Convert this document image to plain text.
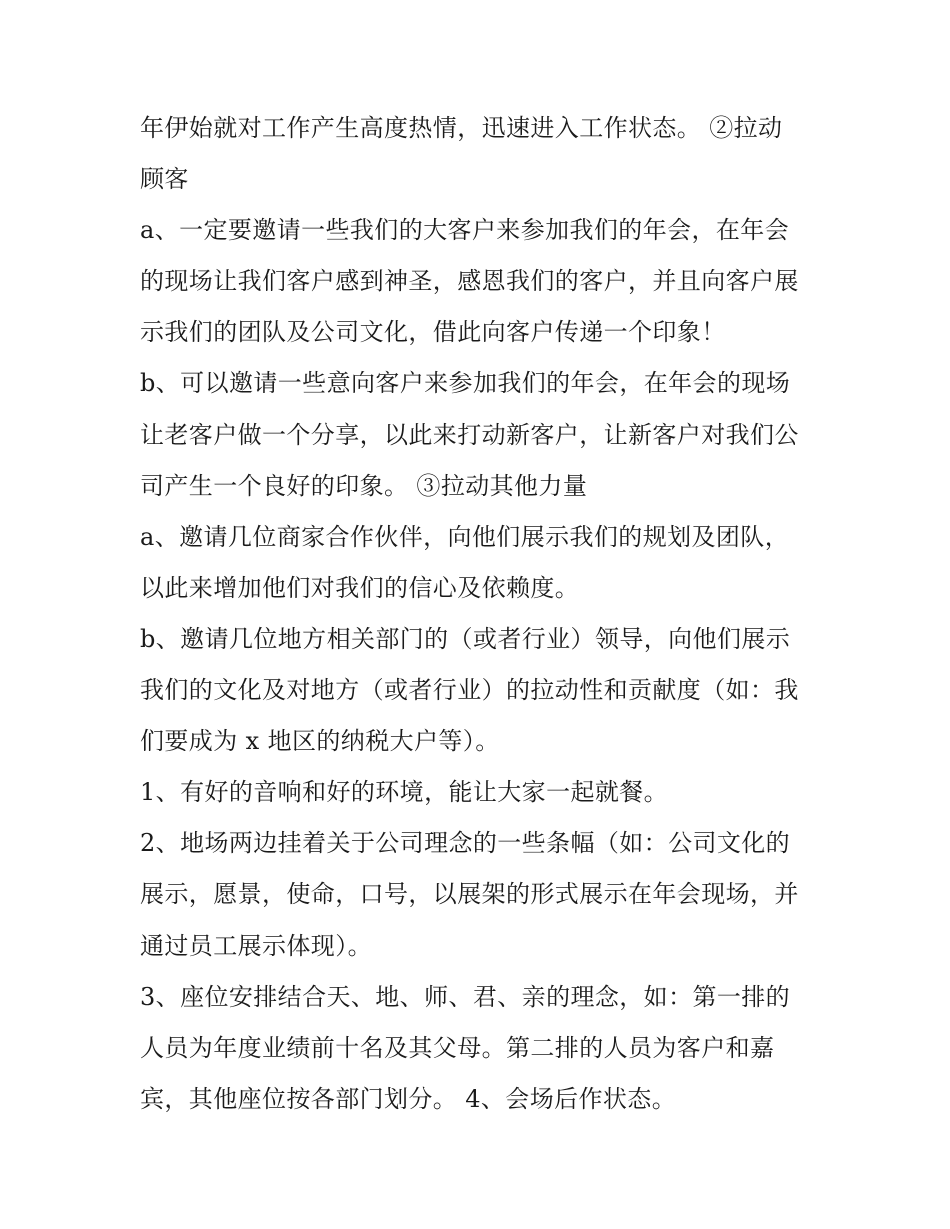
年伊始就对工作产生高度热情，迅速进入工作状态。 ②拉动

顾客

a、一定要邀请一些我们的大客户来参加我们的年会，在年会

的现场让我们客户感到神圣，感恩我们的客户，并且向客户展

示我们的团队及公司文化，借此向客户传递一个印象！

b、可以邀请一些意向客户来参加我们的年会，在年会的现场

让老客户做一个分享，以此来打动新客户，让新客户对我们公

司产生一个良好的印象。 ③拉动其他力量

a、邀请几位商家合作伙伴，向他们展示我们的规划及团队，

以此来增加他们对我们的信心及依赖度。

b、邀请几位地方相关部门的（或者行业）领导，向他们展示

我们的文化及对地方（或者行业）的拉动性和贡献度（如：我

们要成为 x 地区的纳税大户等）。

1、有好的音响和好的环境，能让大家一起就餐。

2、地场两边挂着关于公司理念的一些条幅（如：公司文化的

展示，愿景，使命，口号，以展架的形式展示在年会现场，并

通过员工展示体现）。

3、座位安排结合天、地、师、君、亲的理念，如：第一排的

人员为年度业绩前十名及其父母。第二排的人员为客户和嘉

宾，其他座位按各部门划分。 4、会场后作状态。
